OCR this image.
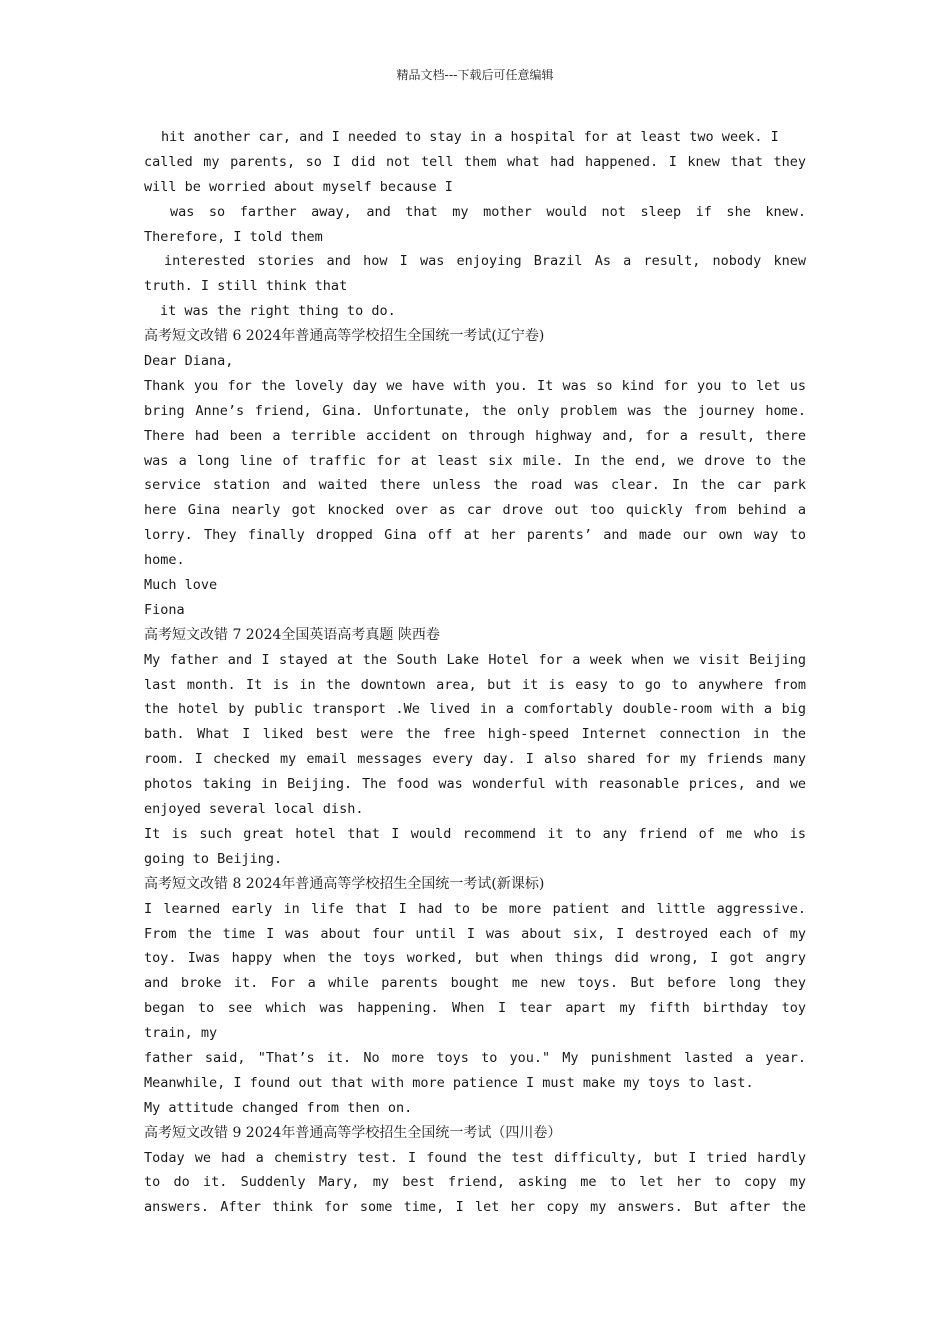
精品文档---下载后可任意编辑
hit another car, and I needed to stay in a hospital for at least two week. I
called my parents, so I did not tell them what had happened. I knew that they
will be worried about myself because I
was so farther away, and that my mother would not sleep if she knew.
Therefore, I told them
interested stories and how I was enjoying Brazil As a result, nobody knew
truth. I still think that
it was the right thing to do.
高考短文改错 6 2024年普通高等学校招生全国统一考试(辽宁卷)
Dear Diana,
Thank you for the lovely day we have with you. It was so kind for you to let us
bring Anne’s friend, Gina. Unfortunate, the only problem was the journey home.
There had been a terrible accident on through highway and, for a result, there
was a long line of traffic for at least six mile. In the end, we drove to the
service station and waited there unless the road was clear. In the car park
here Gina nearly got knocked over as car drove out too quickly from behind a
lorry. They finally dropped Gina off at her parents’ and made our own way to
home.
Much love
Fiona
高考短文改错 7 2024全国英语高考真题 陕西卷
My father and I stayed at the South Lake Hotel for a week when we visit Beijing
last month. It is in the downtown area, but it is easy to go to anywhere from
the hotel by public transport .We lived in a comfortably double-room with a big
bath. What I liked best were the free high-speed Internet connection in the
room. I checked my email messages every day. I also shared for my friends many
photos taking in Beijing. The food was wonderful with reasonable prices, and we
enjoyed several local dish.
It is such great hotel that I would recommend it to any friend of me who is
going to Beijing.
高考短文改错 8 2024年普通高等学校招生全国统一考试(新课标)
I learned early in life that I had to be more patient and little aggressive.
From the time I was about four until I was about six, I destroyed each of my
toy. Iwas happy when the toys worked, but when things did wrong, I got angry
and broke it. For a while parents bought me new toys. But before long they
began to see which was happening. When I tear apart my fifth birthday toy
train, my
father said, "That’s it. No more toys to you." My punishment lasted a year.
Meanwhile, I found out that with more patience I must make my toys to last.
My attitude changed from then on.
高考短文改错 9 2024年普通高等学校招生全国统一考试（四川卷）
Today we had a chemistry test. I found the test difficulty, but I tried hardly
to do it. Suddenly Mary, my best friend, asking me to let her to copy my
answers. After think for some time, I let her copy my answers. But after the
